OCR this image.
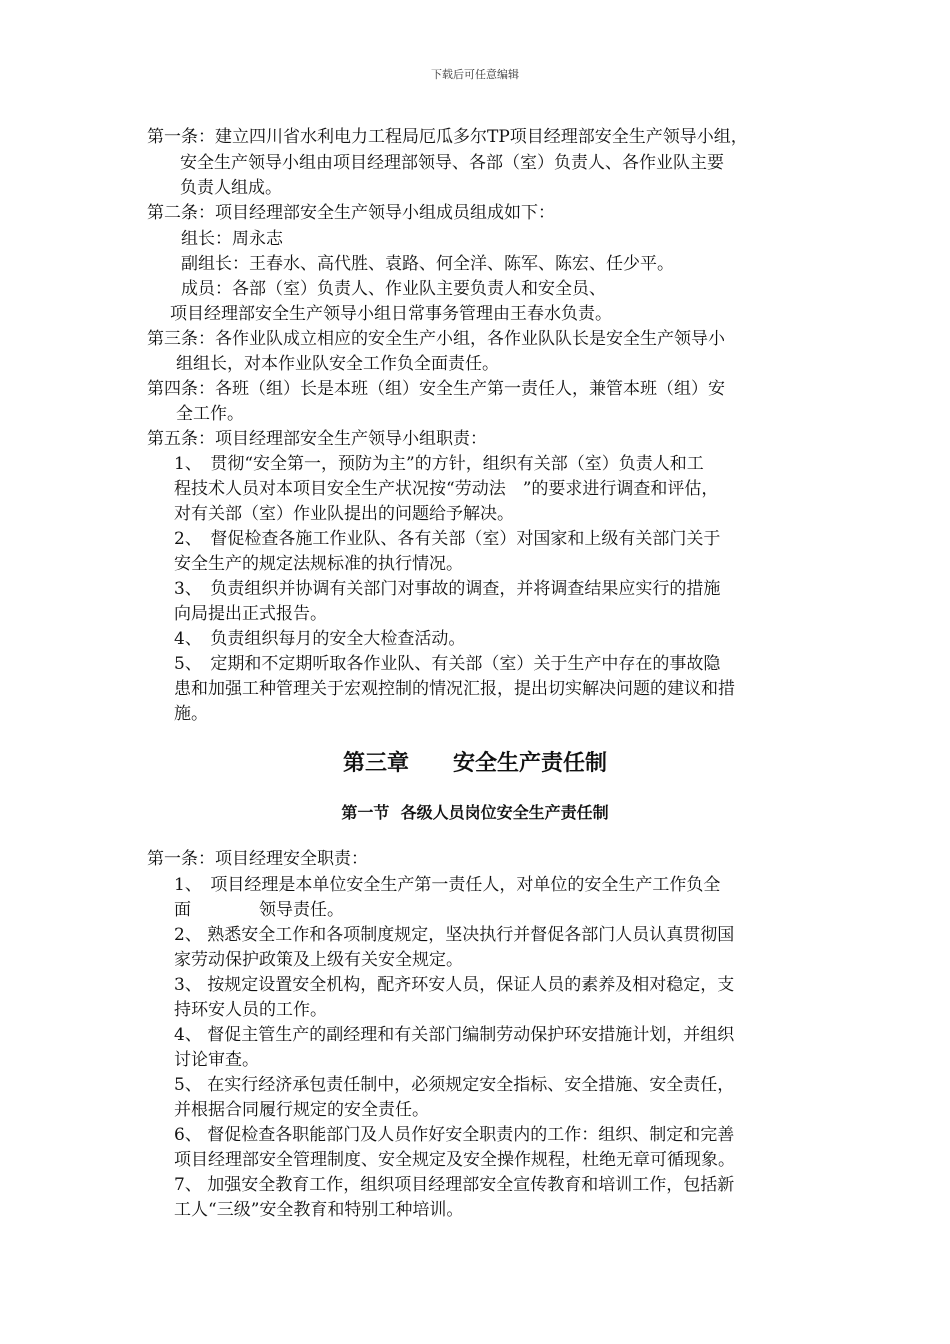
下载后可任意编辑
第一条：建立四川省水利电力工程局厄瓜多尔TP项目经理部安全生产领导小组，
安全生产领导小组由项目经理部领导、各部（室）负责人、各作业队主要
负责人组成。
第二条：项目经理部安全生产领导小组成员组成如下：
组长：周永志
副组长：王春水、高代胜、袁路、何全洋、陈军、陈宏、任少平。
成员：各部（室）负责人、作业队主要负责人和安全员、
项目经理部安全生产领导小组日常事务管理由王春水负责。
第三条：各作业队成立相应的安全生产小组，各作业队队长是安全生产领导小
组组长，对本作业队安全工作负全面责任。
第四条：各班（组）长是本班（组）安全生产第一责任人，兼管本班（组）安
全工作。
第五条：项目经理部安全生产领导小组职责：
1、　贯彻“安全第一，预防为主”的方针，组织有关部（室）负责人和工
程技术人员对本项目安全生产状况按“劳动法　”的要求进行调查和评估，
对有关部（室）作业队提出的问题给予解决。
2、　督促检查各施工作业队、各有关部（室）对国家和上级有关部门关于
安全生产的规定法规标准的执行情况。
3、　负责组织并协调有关部门对事故的调查，并将调查结果应实行的措施
向局提出正式报告。
4、　负责组织每月的安全大检查活动。
5、　定期和不定期听取各作业队、有关部（室）关于生产中存在的事故隐
患和加强工种管理关于宏观控制的情况汇报，提出切实解决问题的建议和措
施。
第三章　　安全生产责任制
第一节  各级人员岗位安全生产责任制
第一条：项目经理安全职责：
1、　项目经理是本单位安全生产第一责任人，对单位的安全生产工作负全
面　　　　领导责任。
2、 熟悉安全工作和各项制度规定，坚决执行并督促各部门人员认真贯彻国
家劳动保护政策及上级有关安全规定。
3、 按规定设置安全机构，配齐环安人员，保证人员的素养及相对稳定，支
持环安人员的工作。
4、 督促主管生产的副经理和有关部门编制劳动保护环安措施计划，并组织
讨论审查。
5、 在实行经济承包责任制中，必须规定安全指标、安全措施、安全责任，
并根据合同履行规定的安全责任。
6、 督促检查各职能部门及人员作好安全职责内的工作：组织、制定和完善
项目经理部安全管理制度、安全规定及安全操作规程，杜绝无章可循现象。
7、 加强安全教育工作，组织项目经理部安全宣传教育和培训工作，包括新
工人“三级”安全教育和特别工种培训。
